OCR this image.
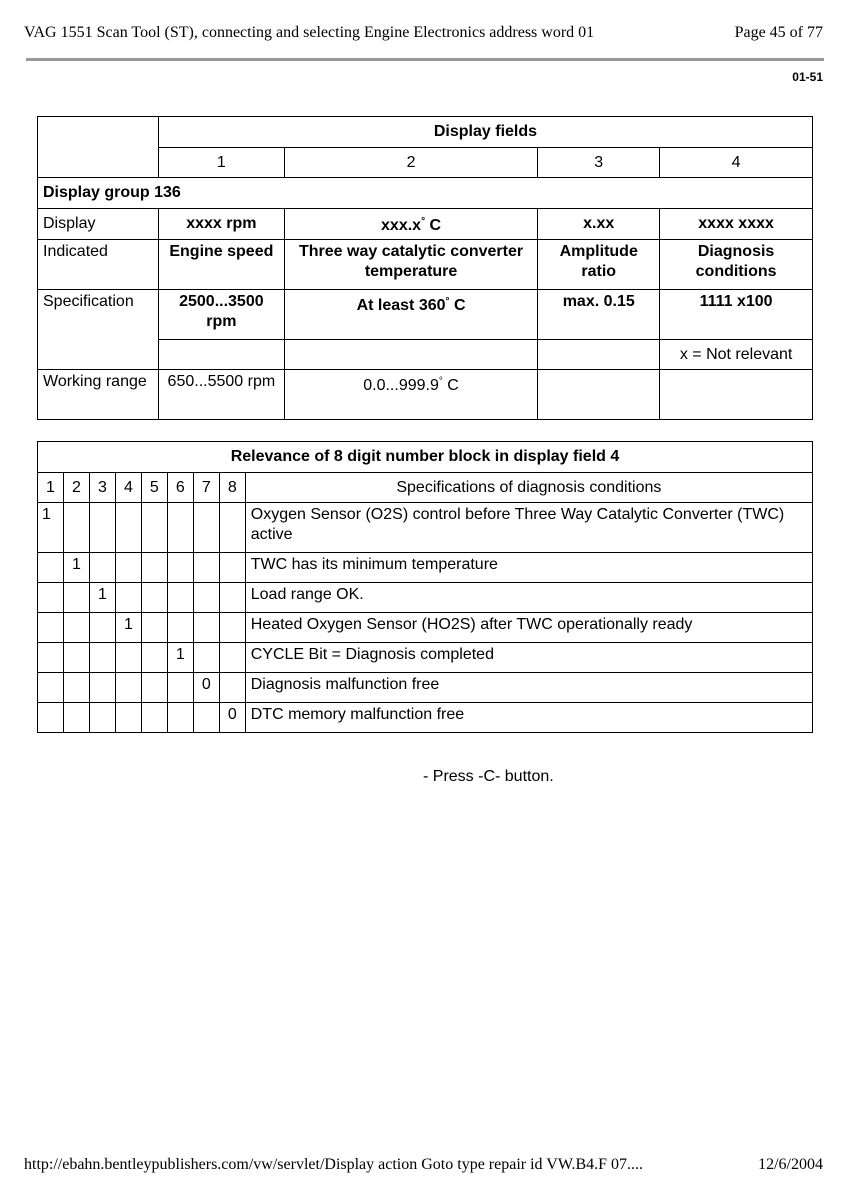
VAG 1551 Scan Tool (ST), connecting and selecting Engine Electronics address word 01	Page 45 of 77
01-51
	Display fields			
	1	2	3	4
Display group 136				
Display	xxxx rpm	xxx.x° C	x.xx	xxxx xxxx
Indicated	Engine speed	Three way catalytic converter temperature	Amplitude ratio	Diagnosis conditions
Specification	2500...3500 rpm	At least 360° C	max. 0.15	1111 x100
				x = Not relevant
Working range	650...5500 rpm	0.0...999.9° C		
Relevance of 8 digit number block in display field 4								
1	2	3	4	5	6	7	8	Specifications of diagnosis conditions
1								Oxygen Sensor (O2S) control before Three Way Catalytic Converter (TWC) active
	1							TWC has its minimum temperature
		1						Load range OK.
			1					Heated Oxygen Sensor (HO2S) after TWC operationally ready
					1			CYCLE Bit = Diagnosis completed
						0		Diagnosis malfunction free
							0	DTC memory malfunction free
- Press -C- button.
http://ebahn.bentleypublishers.com/vw/servlet/Display action Goto type repair id VW.B4.F 07....	12/6/2004
